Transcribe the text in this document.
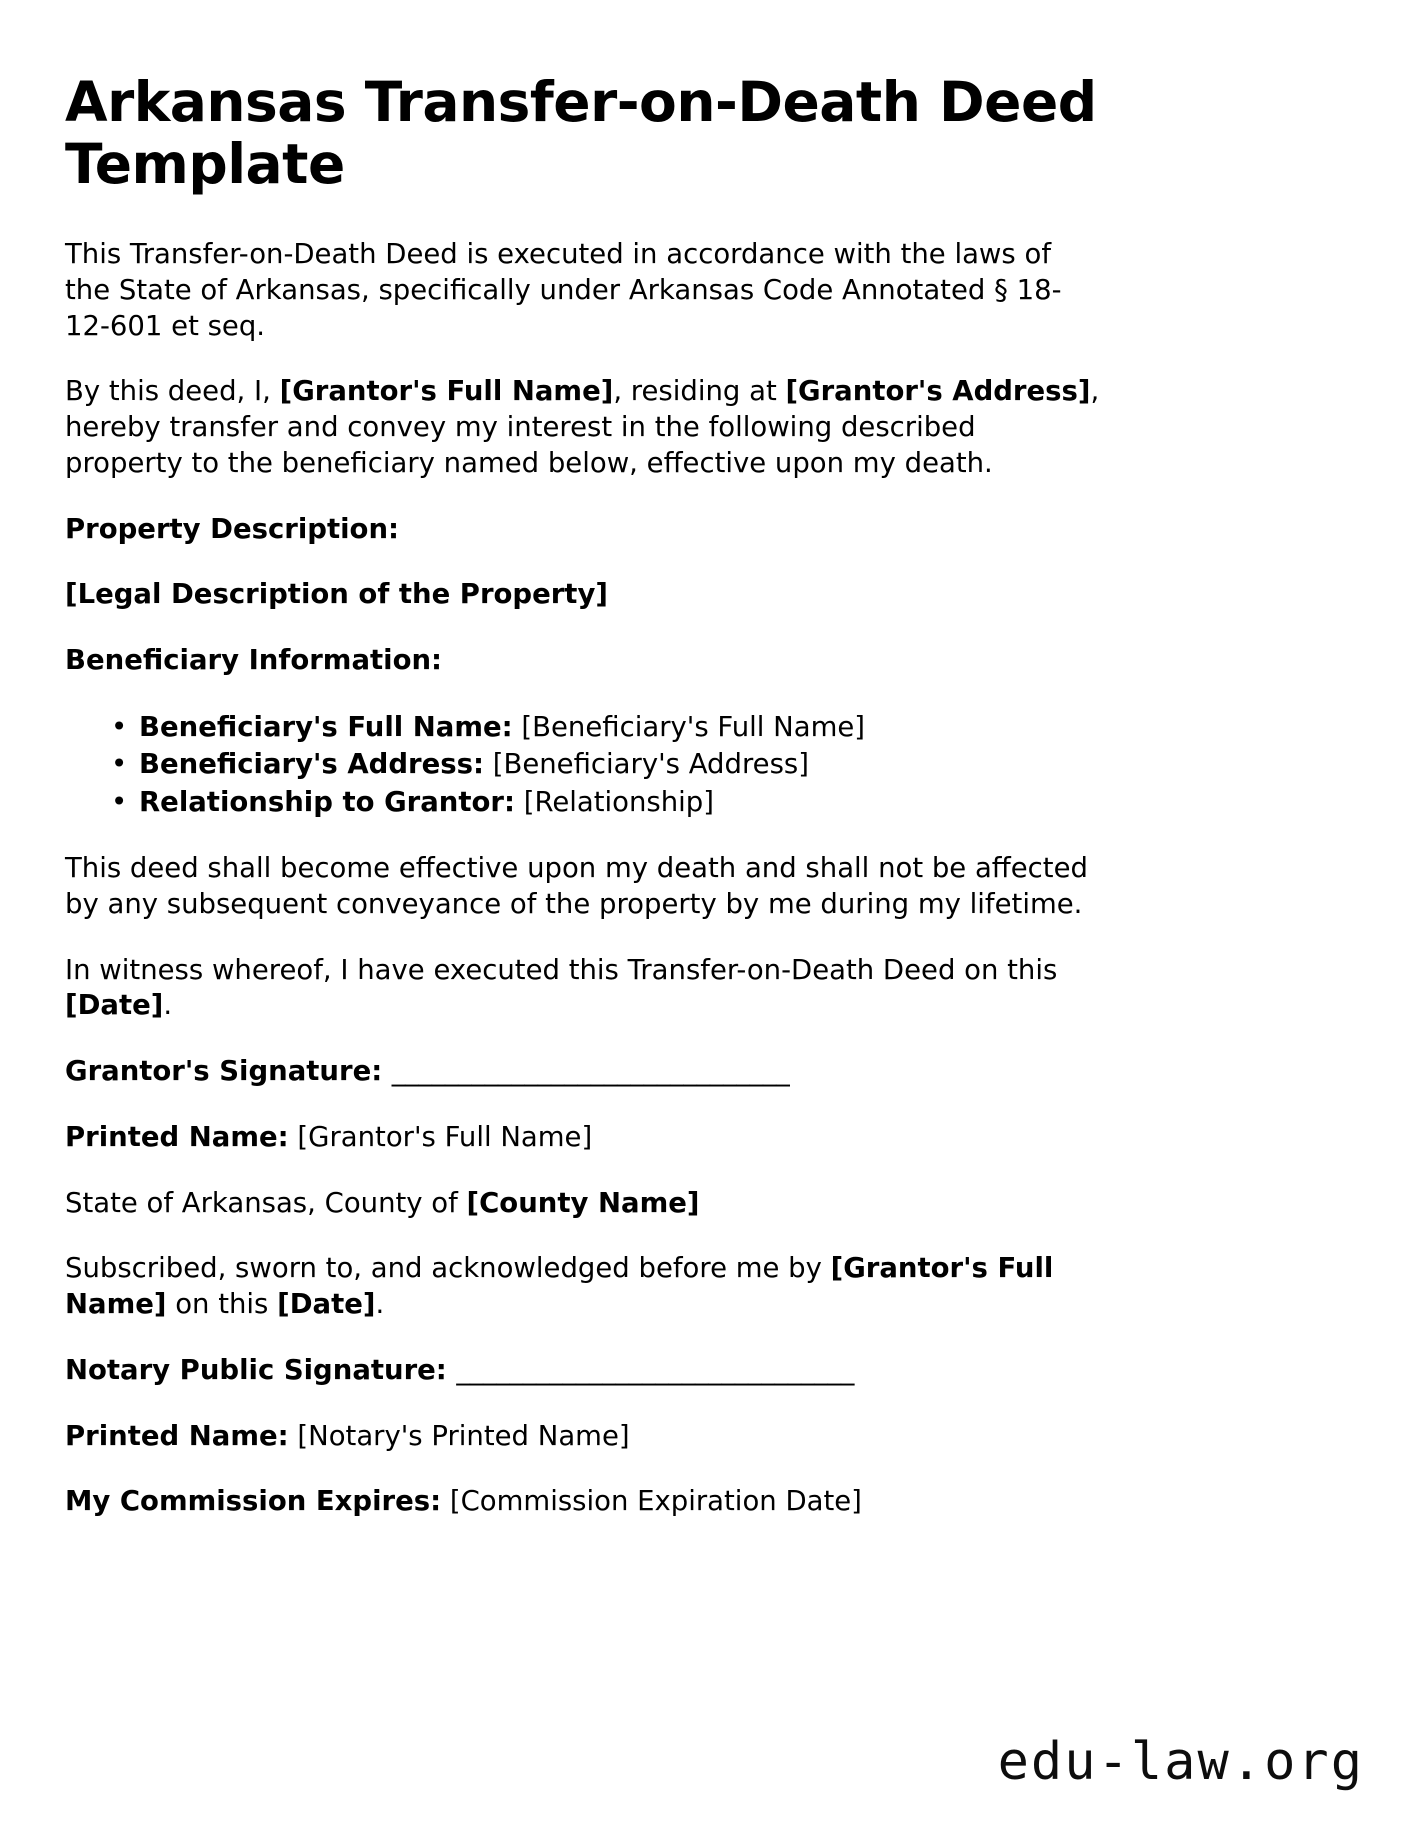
Arkansas Transfer-on-Death Deed Template

This Transfer-on-Death Deed is executed in accordance with the laws of the State of Arkansas, specifically under Arkansas Code Annotated § 18-12-601 et seq.

By this deed, I, [Grantor's Full Name], residing at [Grantor's Address], hereby transfer and convey my interest in the following described property to the beneficiary named below, effective upon my death.

Property Description:

[Legal Description of the Property]

Beneficiary Information:

• Beneficiary's Full Name: [Beneficiary's Full Name]
• Beneficiary's Address: [Beneficiary's Address]
• Relationship to Grantor: [Relationship]

This deed shall become effective upon my death and shall not be affected by any subsequent conveyance of the property by me during my lifetime.

In witness whereof, I have executed this Transfer-on-Death Deed on this [Date].

Grantor's Signature: ______________________________

Printed Name: [Grantor's Full Name]

State of Arkansas, County of [County Name]

Subscribed, sworn to, and acknowledged before me by [Grantor's Full Name] on this [Date].

Notary Public Signature: ______________________________

Printed Name: [Notary's Printed Name]

My Commission Expires: [Commission Expiration Date]

edu-law.org
